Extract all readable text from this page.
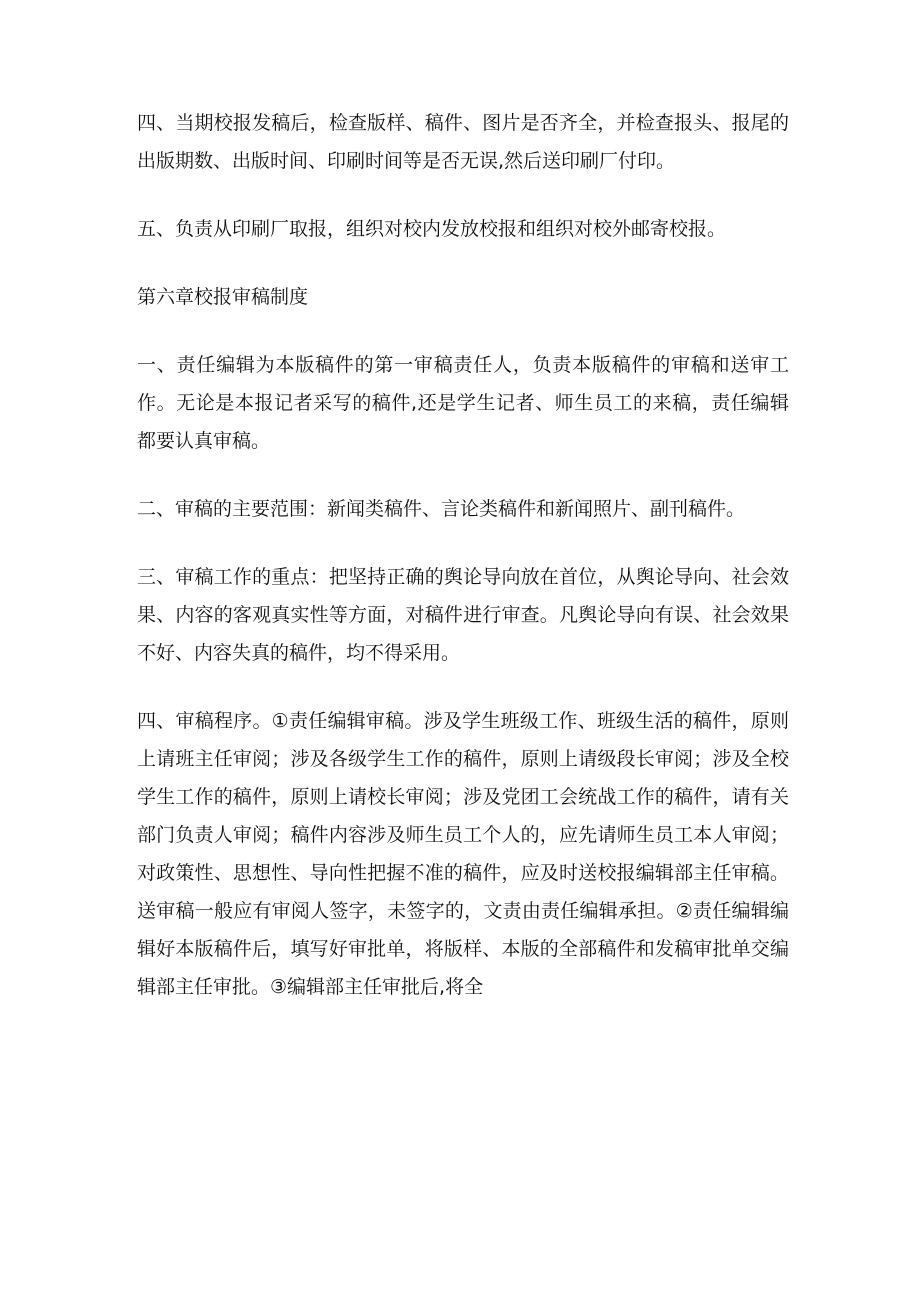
四、当期校报发稿后，检查版样、稿件、图片是否齐全，并检查报头、报尾的出版期数、出版时间、印刷时间等是否无误,然后送印刷厂付印。

五、负责从印刷厂取报，组织对校内发放校报和组织对校外邮寄校报。

第六章校报审稿制度

一、责任编辑为本版稿件的第一审稿责任人，负责本版稿件的审稿和送审工作。无论是本报记者采写的稿件,还是学生记者、师生员工的来稿，责任编辑都要认真审稿。

二、审稿的主要范围：新闻类稿件、言论类稿件和新闻照片、副刊稿件。

三、审稿工作的重点：把坚持正确的舆论导向放在首位，从舆论导向、社会效果、内容的客观真实性等方面，对稿件进行审查。凡舆论导向有误、社会效果不好、内容失真的稿件，均不得采用。

四、审稿程序。①责任编辑审稿。涉及学生班级工作、班级生活的稿件，原则上请班主任审阅；涉及各级学生工作的稿件，原则上请级段长审阅；涉及全校学生工作的稿件，原则上请校长审阅；涉及党团工会统战工作的稿件，请有关部门负责人审阅；稿件内容涉及师生员工个人的，应先请师生员工本人审阅；对政策性、思想性、导向性把握不准的稿件，应及时送校报编辑部主任审稿。送审稿一般应有审阅人签字，未签字的，文责由责任编辑承担。②责任编辑编辑好本版稿件后，填写好审批单，将版样、本版的全部稿件和发稿审批单交编辑部主任审批。③编辑部主任审批后,将全
